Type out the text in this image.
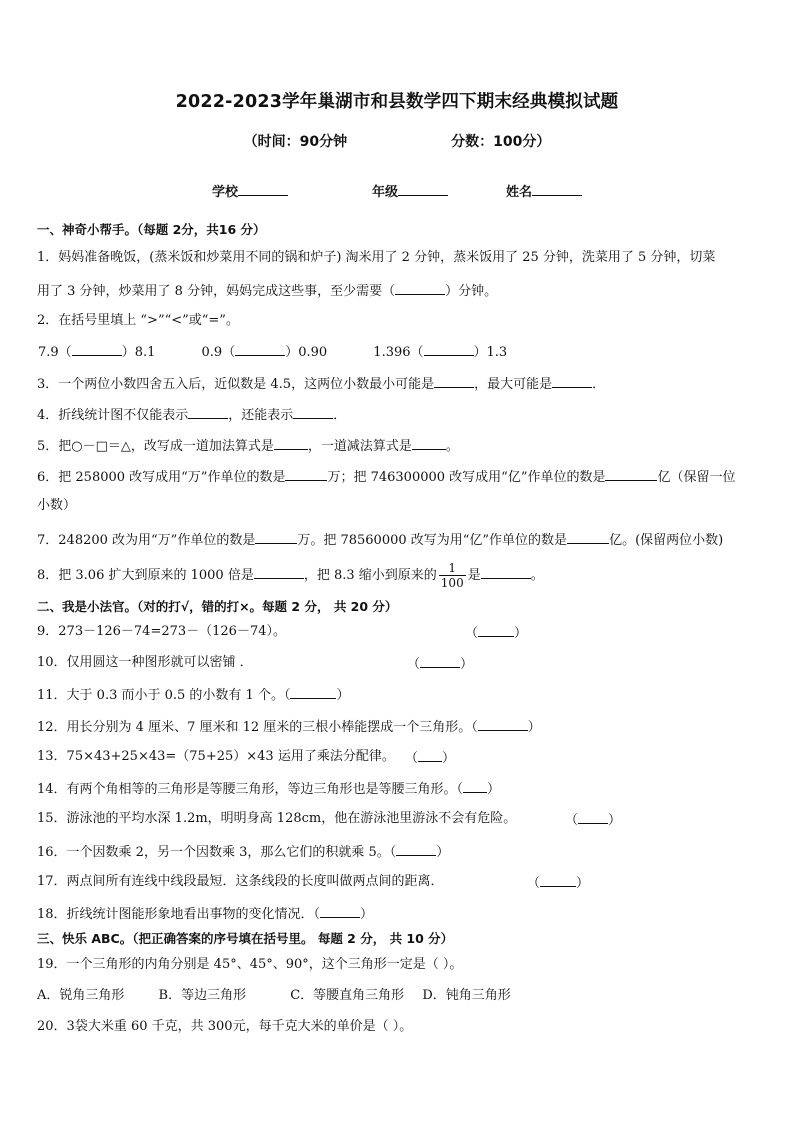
2022-2023学年巢湖市和县数学四下期末经典模拟试题
（时间：90分钟	分数：100分）
学校	年级	姓名
一、神奇小帮手。（每题 2分，共16 分）
1．妈妈准备晚饭，(蒸米饭和炒菜用不同的锅和炉子) 淘米用了 2 分钟，蒸米饭用了 25 分钟，洗菜用了 5 分钟，切菜
用了 3 分钟，炒菜用了 8 分钟，妈妈完成这些事，至少需要（	）分钟。
2．在括号里填上 “>”“<”或“=”。
7.9（	）8.1	0.9（	）0.90	1.396（	）1.3
3．一个两位小数四舍五入后，近似数是 4.5，这两位小数最小可能是	，最大可能是	．
4．折线统计图不仅能表示	，还能表示	．
5．把○－□＝△，改写成一道加法算式是	，一道减法算式是	。
6．把 258000 改写成用“万”作单位的数是	万；把 746300000 改写成用“亿”作单位的数是	亿（保留一位
小数）
7．248200 改为用“万”作单位的数是	万。把 78560000 改写为用“亿”作单位的数是	亿。(保留两位小数)
8．把 3.06 扩大到原来的 1000 倍是	，把 8.3 缩小到原来的 $\frac{1}{100}$ 是	。
二、我是小法官。（对的打√，错的打×。每题 2 分， 共 20 分）
9．273－126－74=273－（126－74）。	（	）
10．仅用圆这一种图形就可以密铺 ．	（	）
11．大于 0.3 而小于 0.5 的小数有 1 个。（	）
12．用长分别为 4 厘米、7 厘米和 12 厘米的三根小棒能摆成一个三角形。（	）
13．75×43+25×43=（75+25）×43 运用了乘法分配律。 （ ）
14．有两个角相等的三角形是等腰三角形，等边三角形也是等腰三角形。（ ）
15．游泳池的平均水深 1.2m，明明身高 128cm，他在游泳池里游泳不会有危险。	（ ）
16．一个因数乘 2，另一个因数乘 3，那么它们的积就乘 5。（	）
17．两点间所有连线中线段最短．这条线段的长度叫做两点间的距离．	（	）
18．折线统计图能形象地看出事物的变化情况．（	）
三、快乐 ABC。（把正确答案的序号填在括号里。 每题 2 分， 共 10 分）
19．一个三角形的内角分别是 45°、45°、90°，这个三角形一定是（ ）。
A．锐角三角形	B．等边三角形	C．等腰直角三角形 D．钝角三角形
20．3袋大米重 60 千克，共 300元，每千克大米的单价是（ ）。
